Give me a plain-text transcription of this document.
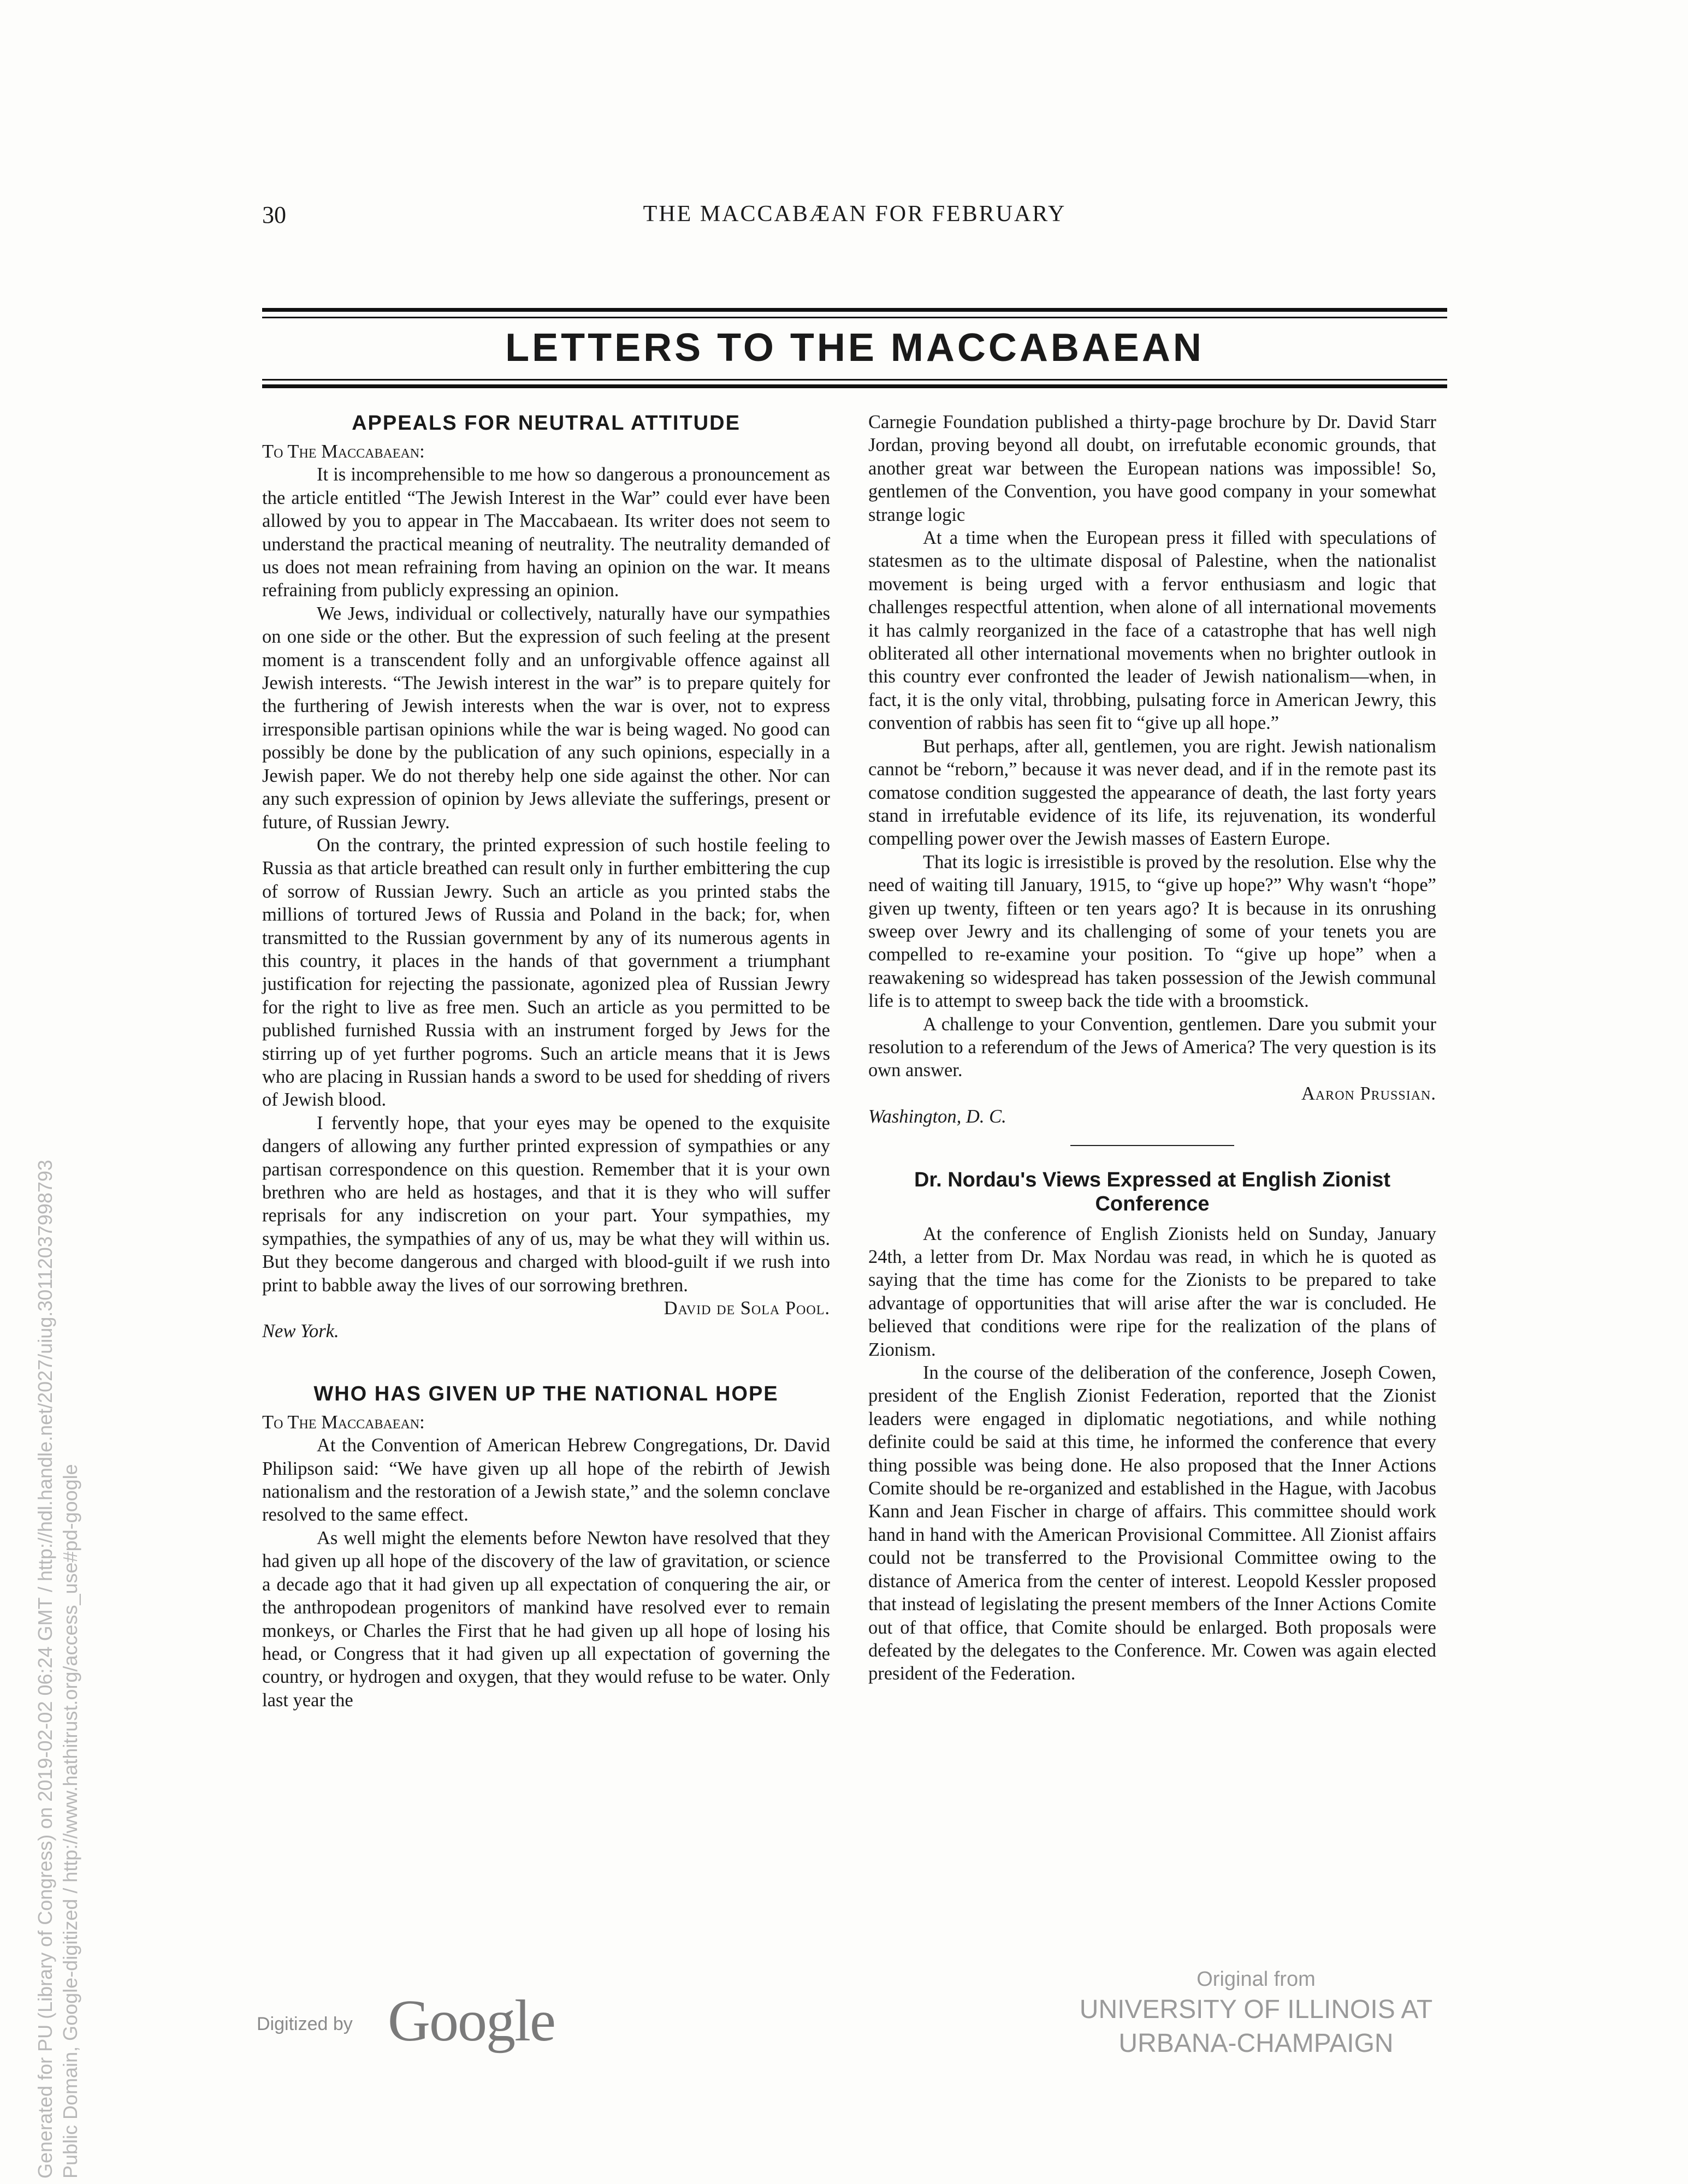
30	THE MACCABÆAN FOR FEBRUARY
LETTERS TO THE MACCABAEAN
APPEALS FOR NEUTRAL ATTITUDE

To The Maccabaean:

It is incomprehensible to me how so dangerous a pronouncement as the article entitled “The Jewish Interest in the War” could ever have been allowed by you to appear in The Maccabaean. Its writer does not seem to understand the practical meaning of neutrality. The neutrality demanded of us does not mean refraining from having an opinion on the war. It means refraining from publicly expressing an opinion.

We Jews, individual or collectively, naturally have our sympathies on one side or the other. But the expression of such feeling at the present moment is a transcendent folly and an unforgivable offence against all Jewish interests. “The Jewish interest in the war” is to prepare quitely for the furthering of Jewish interests when the war is over, not to express irresponsible partisan opinions while the war is being waged. No good can possibly be done by the publication of any such opinions, especially in a Jewish paper. We do not thereby help one side against the other. Nor can any such expression of opinion by Jews alleviate the sufferings, present or future, of Russian Jewry.

On the contrary, the printed expression of such hostile feeling to Russia as that article breathed can result only in further embittering the cup of sorrow of Russian Jewry. Such an article as you printed stabs the millions of tortured Jews of Russia and Poland in the back; for, when transmitted to the Russian government by any of its numerous agents in this country, it places in the hands of that government a triumphant justification for rejecting the passionate, agonized plea of Russian Jewry for the right to live as free men. Such an article as you permitted to be published furnished Russia with an instrument forged by Jews for the stirring up of yet further pogroms. Such an article means that it is Jews who are placing in Russian hands a sword to be used for shedding of rivers of Jewish blood.

I fervently hope, that your eyes may be opened to the exquisite dangers of allowing any further printed expression of sympathies or any partisan correspondence on this question. Remember that it is your own brethren who are held as hostages, and that it is they who will suffer reprisals for any indiscretion on your part. Your sympathies, my sympathies, the sympathies of any of us, may be what they will within us. But they become dangerous and charged with blood-guilt if we rush into print to babble away the lives of our sorrowing brethren.

David de Sola Pool.

New York.

WHO HAS GIVEN UP THE NATIONAL HOPE

To The Maccabaean:

At the Convention of American Hebrew Congregations, Dr. David Philipson said: “We have given up all hope of the rebirth of Jewish nationalism and the restoration of a Jewish state,” and the solemn conclave resolved to the same effect.

As well might the elements before Newton have resolved that they had given up all hope of the discovery of the law of gravitation, or science a decade ago that it had given up all expectation of conquering the air, or the anthropodean progenitors of mankind have resolved ever to remain monkeys, or Charles the First that he had given up all hope of losing his head, or Congress that it had given up all expectation of governing the country, or hydrogen and oxygen, that they would refuse to be water. Only last year the

Carnegie Foundation published a thirty-page brochure by Dr. David Starr Jordan, proving beyond all doubt, on irrefutable economic grounds, that another great war between the European nations was impossible! So, gentlemen of the Convention, you have good company in your somewhat strange logic

At a time when the European press it filled with speculations of statesmen as to the ultimate disposal of Palestine, when the nationalist movement is being urged with a fervor enthusiasm and logic that challenges respectful attention, when alone of all international movements it has calmly reorganized in the face of a catastrophe that has well nigh obliterated all other international movements when no brighter outlook in this country ever confronted the leader of Jewish nationalism—when, in fact, it is the only vital, throbbing, pulsating force in American Jewry, this convention of rabbis has seen fit to “give up all hope.”

But perhaps, after all, gentlemen, you are right. Jewish nationalism cannot be “reborn,” because it was never dead, and if in the remote past its comatose condition suggested the appearance of death, the last forty years stand in irrefutable evidence of its life, its rejuvenation, its wonderful compelling power over the Jewish masses of Eastern Europe.

That its logic is irresistible is proved by the resolution. Else why the need of waiting till January, 1915, to “give up hope?” Why wasn't “hope” given up twenty, fifteen or ten years ago? It is because in its onrushing sweep over Jewry and its challenging of some of your tenets you are compelled to re-examine your position. To “give up hope” when a reawakening so widespread has taken possession of the Jewish communal life is to attempt to sweep back the tide with a broomstick.

A challenge to your Convention, gentlemen. Dare you submit your resolution to a referendum of the Jews of America? The very question is its own answer.

Aaron Prussian.

Washington, D. C.

Dr. Nordau's Views Expressed at English Zionist Conference

At the conference of English Zionists held on Sunday, January 24th, a letter from Dr. Max Nordau was read, in which he is quoted as saying that the time has come for the Zionists to be prepared to take advantage of opportunities that will arise after the war is concluded. He believed that conditions were ripe for the realization of the plans of Zionism.

In the course of the deliberation of the conference, Joseph Cowen, president of the English Zionist Federation, reported that the Zionist leaders were engaged in diplomatic negotiations, and while nothing definite could be said at this time, he informed the conference that every thing possible was being done. He also proposed that the Inner Actions Comite should be re-organized and established in the Hague, with Jacobus Kann and Jean Fischer in charge of affairs. This committee should work hand in hand with the American Provisional Committee. All Zionist affairs could not be transferred to the Provisional Committee owing to the distance of America from the center of interest. Leopold Kessler proposed that instead of legislating the present members of the Inner Actions Comite out of that office, that Comite should be enlarged. Both proposals were defeated by the delegates to the Conference. Mr. Cowen was again elected president of the Federation.

Digitized by Google
Original from
UNIVERSITY OF ILLINOIS AT
URBANA-CHAMPAIGN
Generated for PU (Library of Congress) on 2019-02-02 06:24 GMT / http://hdl.handle.net/2027/uiug.30112037998793 Public Domain, Google-digitized / http://www.hathitrust.org/access_use#pd-google
